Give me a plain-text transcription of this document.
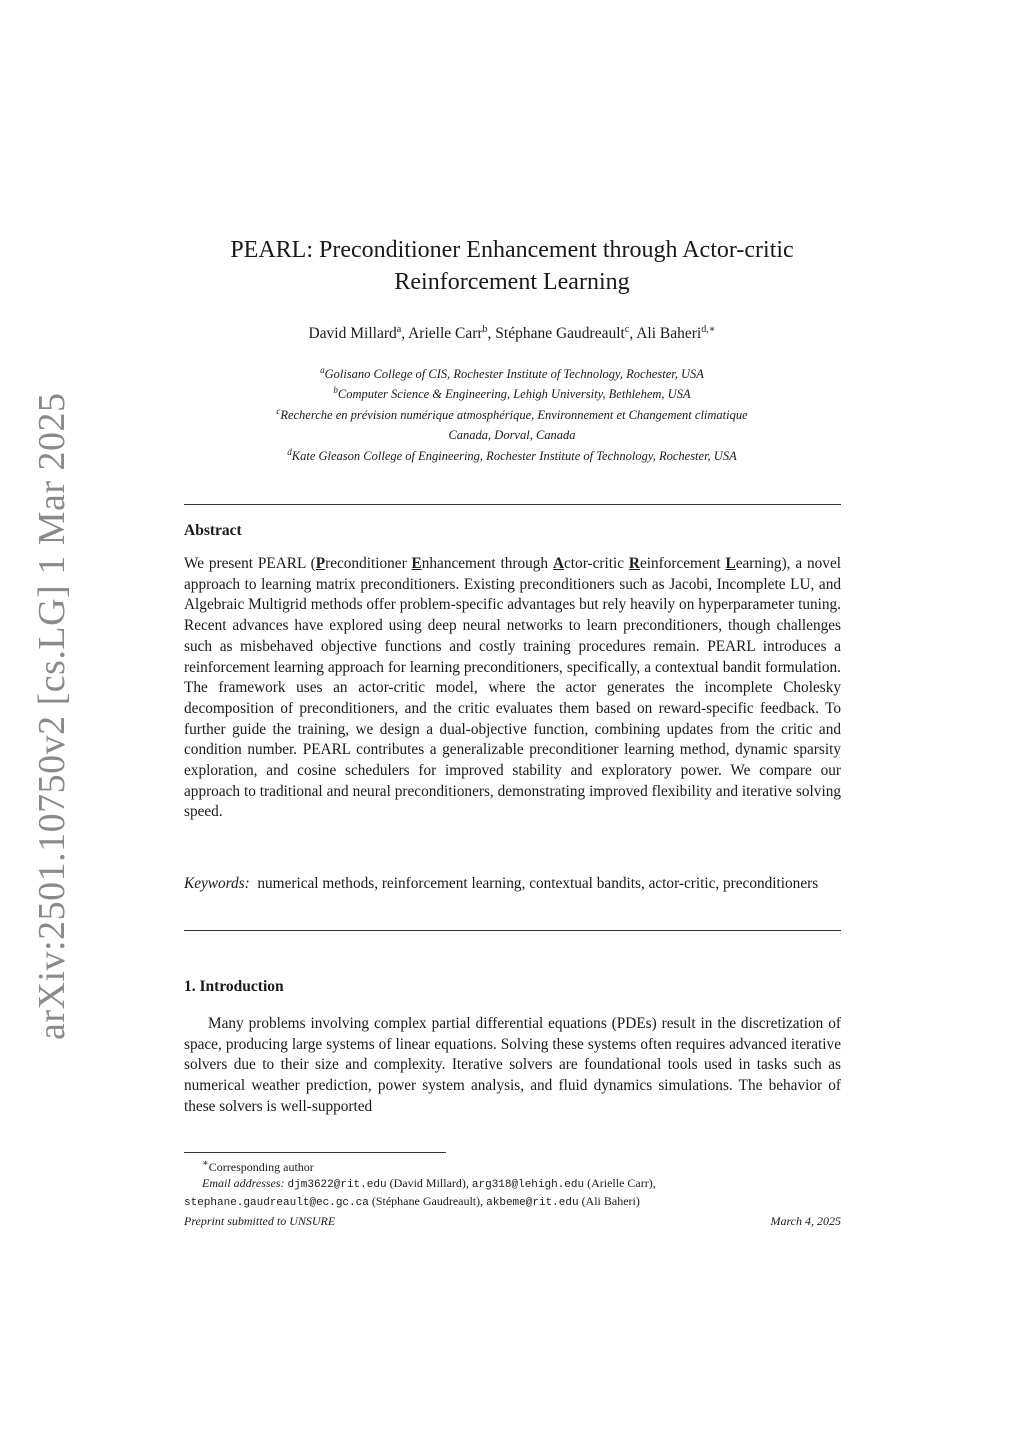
arXiv:2501.10750v2 [cs.LG] 1 Mar 2025
PEARL: Preconditioner Enhancement through Actor-critic
Reinforcement Learning
David Millard$^a$, Arielle Carr$^b$, Stéphane Gaudreault$^c$, Ali Baheri$^{d,∗}$
$^a$Golisano College of CIS, Rochester Institute of Technology, Rochester, USA
$^b$Computer Science & Engineering, Lehigh University, Bethlehem, USA
$^c$Recherche en prévision numérique atmosphérique, Environnement et Changement climatique
Canada, Dorval, Canada
$^d$Kate Gleason College of Engineering, Rochester Institute of Technology, Rochester, USA
Abstract
We present PEARL (Preconditioner Enhancement through Actor-critic Reinforcement Learning), a novel approach to learning matrix preconditioners. Existing preconditioners such as Jacobi, Incomplete LU, and Algebraic Multigrid methods offer problem-specific advantages but rely heavily on hyperparameter tuning. Recent advances have explored using deep neural networks to learn preconditioners, though challenges such as misbehaved objective functions and costly training procedures remain. PEARL introduces a reinforcement learning approach for learning preconditioners, specifically, a contextual bandit formulation. The framework uses an actor-critic model, where the actor generates the incomplete Cholesky decomposition of preconditioners, and the critic evaluates them based on reward-specific feedback. To further guide the training, we design a dual-objective function, combining updates from the critic and condition number. PEARL contributes a generalizable preconditioner learning method, dynamic sparsity exploration, and cosine schedulers for improved stability and exploratory power. We compare our approach to traditional and neural preconditioners, demonstrating improved flexibility and iterative solving speed.
Keywords: numerical methods, reinforcement learning, contextual bandits, actor-critic, preconditioners
1. Introduction
Many problems involving complex partial differential equations (PDEs) result in the discretization of space, producing large systems of linear equations. Solving these systems often requires advanced iterative solvers due to their size and complexity. Iterative solvers are foundational tools used in tasks such as numerical weather prediction, power system analysis, and fluid dynamics simulations. The behavior of these solvers is well-supported
∗Corresponding author
Email addresses: djm3622@rit.edu (David Millard), arg318@lehigh.edu (Arielle Carr),
stephane.gaudreault@ec.gc.ca (Stéphane Gaudreault), akbeme@rit.edu (Ali Baheri)
Preprint submitted to UNSURE	March 4, 2025
